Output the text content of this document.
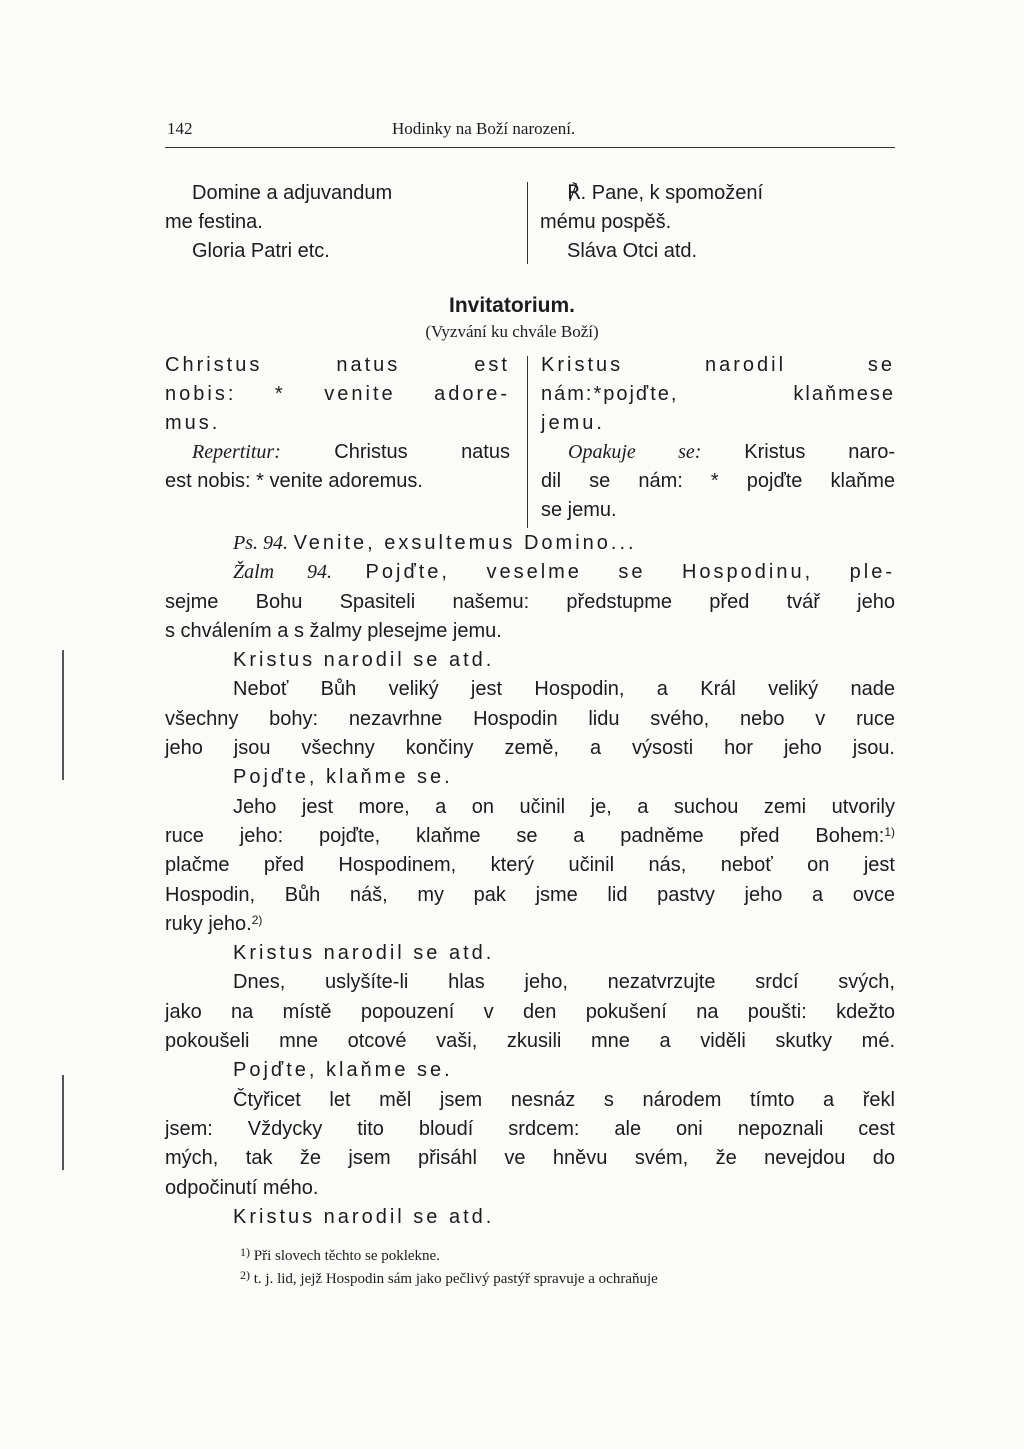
142	Hodinky na Boží narození.
Domine a adjuvandum
me festina.
Gloria Patri etc.
℟. Pane, k spomožení
mému pospěš.
Sláva Otci atd.
Invitatorium.
(Vyzvání ku chvále Boží)
Christus natus est
nobis: * venite adore-
mus.
Repertitur:	Christus natus
est nobis: * venite adoremus.
Kristus narodil se
nám:*pojďte, klaňmese
jemu.
Opakuje se: Kristus naro-
dil se nám: * pojďte klaňme
se jemu.
Ps. 94. Venite, exsultemus Domino...
Žalm 94. Pojďte, veselme se Hospodinu, ple-
sejme Bohu Spasiteli našemu: předstupme před tvář jeho
s chválením a s žalmy plesejme jemu.
Kristus narodil se atd.
Neboť Bůh veliký jest Hospodin, a Král veliký nade
všechny bohy: nezavrhne Hospodin lidu svého, nebo v ruce
jeho jsou všechny končiny země, a výsosti hor jeho jsou.
Pojďte, klaňme se.
Jeho jest more, a on učinil je, a suchou zemi utvorily
ruce jeho: pojďte, klaňme se a padněme před Bohem:$^{1)}$
plačme před Hospodinem, který učinil nás, neboť on jest
Hospodin, Bůh náš, my pak jsme lid pastvy jeho a ovce
ruky jeho.$^{2)}$
Kristus narodil se atd.
Dnes, uslyšíte-li hlas jeho, nezatvrzujte srdcí svých,
jako na místě popouzení v den pokušení na poušti: kdežto
pokoušeli mne otcové vaši, zkusili mne a viděli skutky mé.
Pojďte, klaňme se.
Čtyřicet let měl jsem nesnáz s národem tímto a řekl
jsem: Vždycky tito bloudí srdcem: ale oni nepoznali cest
mých, tak že jsem přisáhl ve hněvu svém, že nevejdou do
odpočinutí mého.
Kristus narodil se atd.
$^{1)}$ Při slovech těchto se poklekne.
$^{2)}$ t. j. lid, jejž Hospodin sám jako pečlivý pastýř spravuje a ochraňuje
